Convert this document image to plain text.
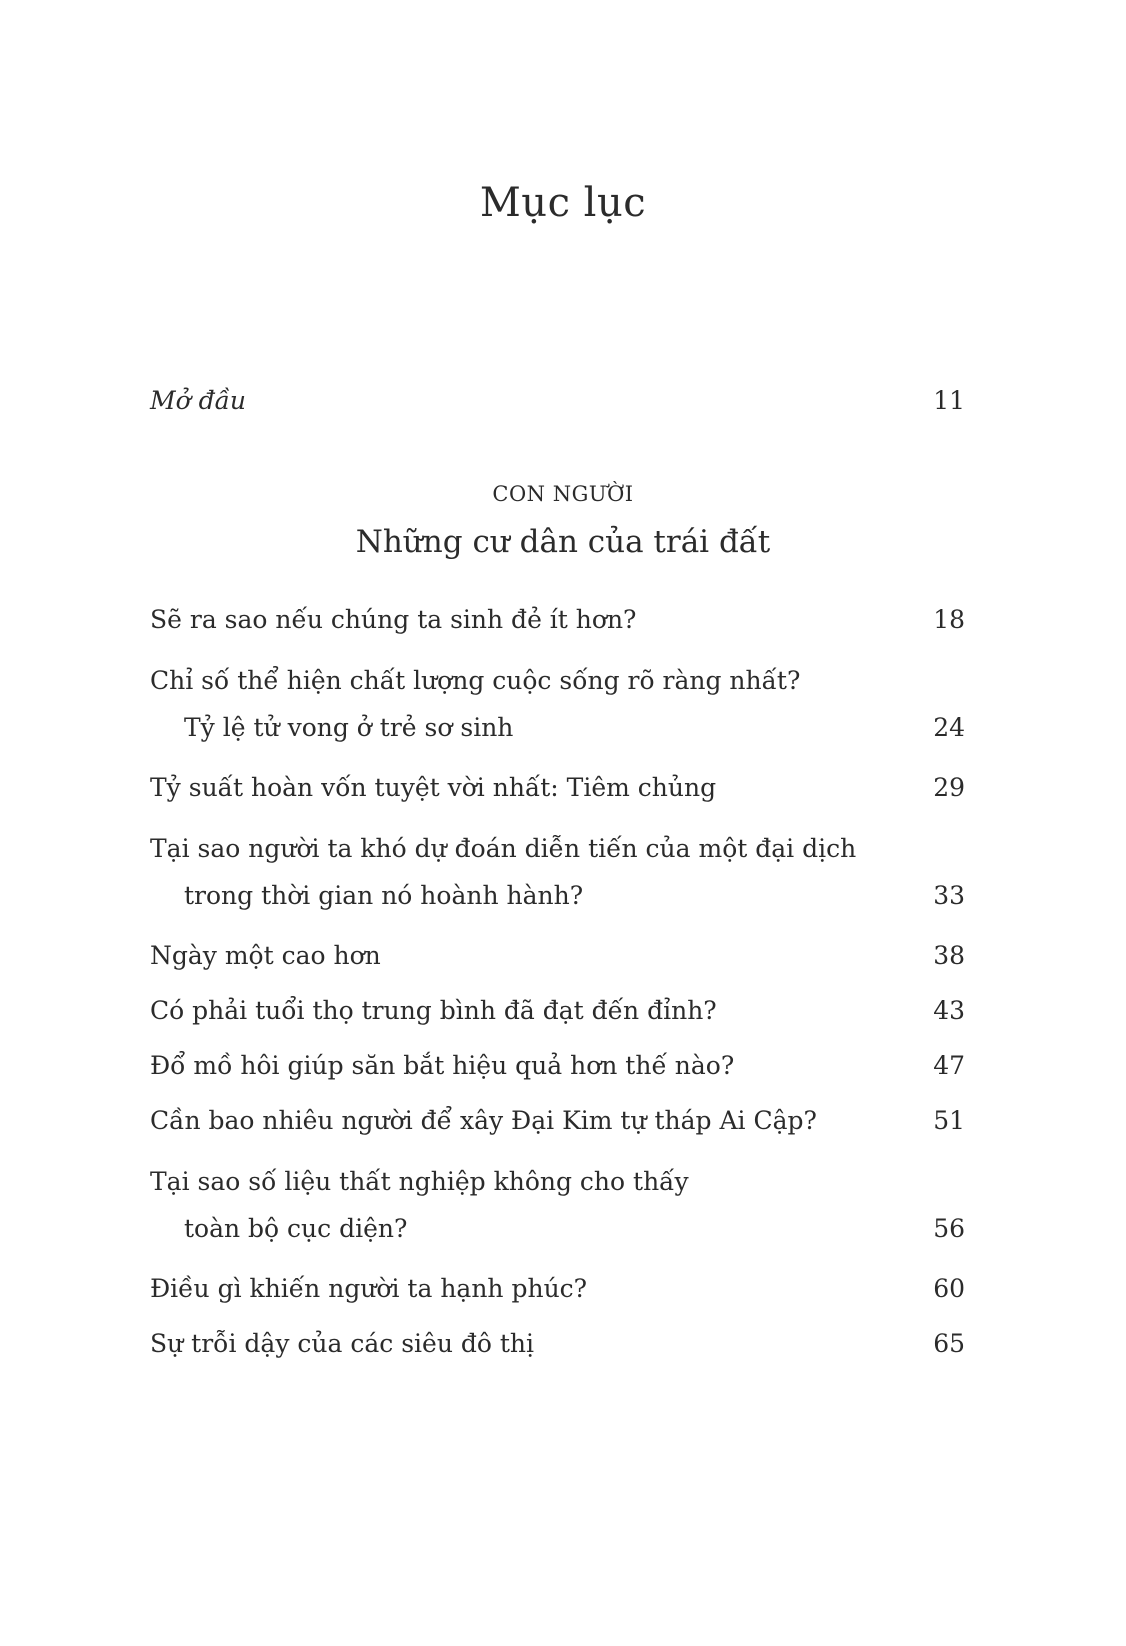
Mục lục
Mở đầu	11
CON NGƯỜI
Những cư dân của trái đất
Sẽ ra sao nếu chúng ta sinh đẻ ít hơn?	18
Chỉ số thể hiện chất lượng cuộc sống rõ ràng nhất?
Tỷ lệ tử vong ở trẻ sơ sinh	24
Tỷ suất hoàn vốn tuyệt vời nhất: Tiêm chủng	29
Tại sao người ta khó dự đoán diễn tiến của một đại dịch
trong thời gian nó hoành hành?	33
Ngày một cao hơn	38
Có phải tuổi thọ trung bình đã đạt đến đỉnh?	43
Đổ mồ hôi giúp săn bắt hiệu quả hơn thế nào?	47
Cần bao nhiêu người để xây Đại Kim tự tháp Ai Cập?	51
Tại sao số liệu thất nghiệp không cho thấy
toàn bộ cục diện?	56
Điều gì khiến người ta hạnh phúc?	60
Sự trỗi dậy của các siêu đô thị	65
